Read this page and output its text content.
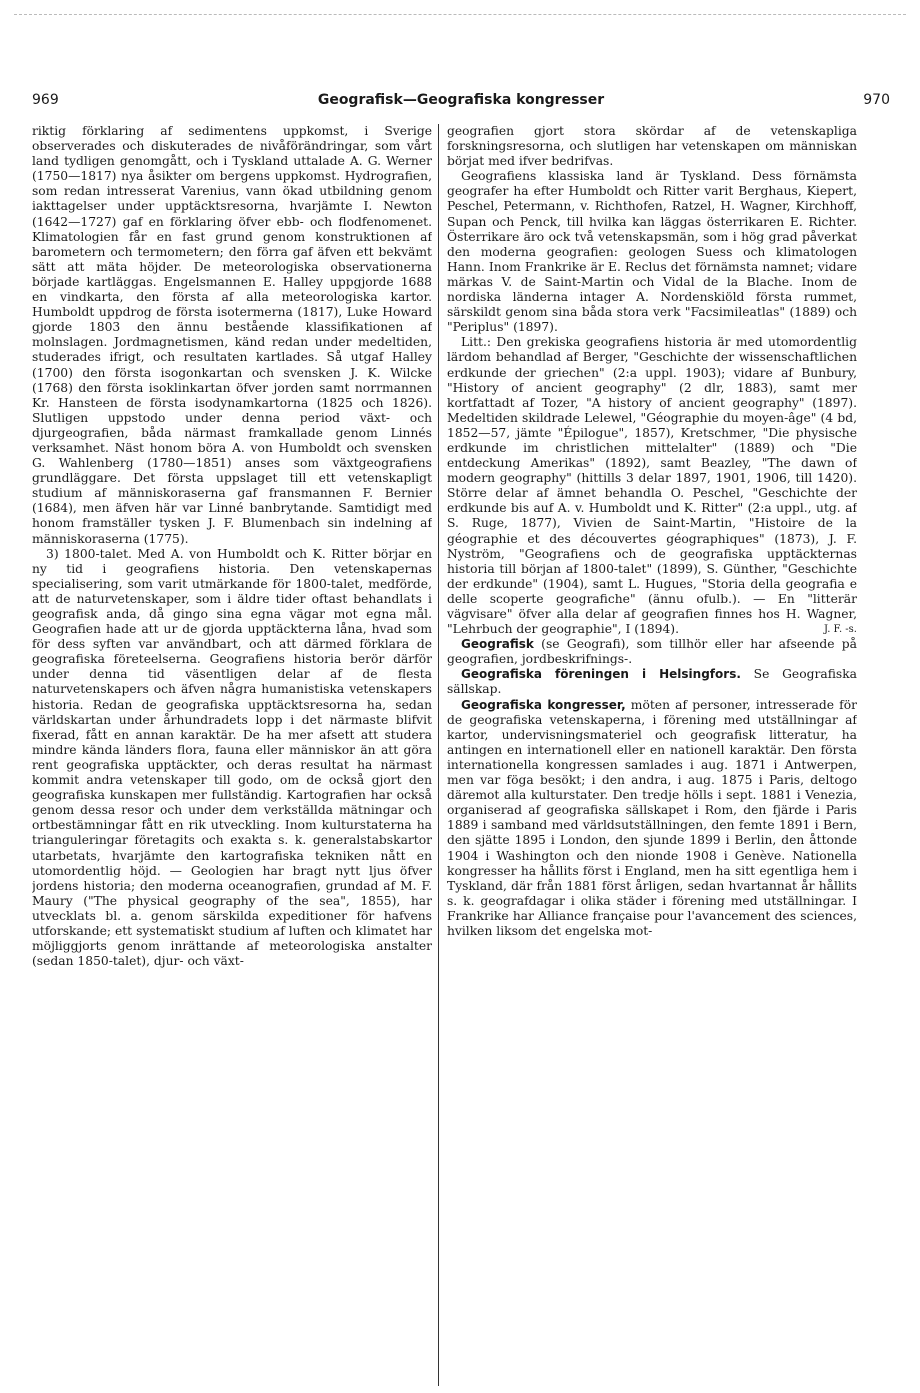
969	Geografisk—Geografiska kongresser	970

riktig förklaring af sedimentens uppkomst, i Sverige observerades och diskuterades de nivåförändringar, som vårt land tydligen genomgått, och i Tyskland uttalade A. G. Werner (1750—1817) nya åsikter om bergens uppkomst. Hydrografien, som redan intresserat Varenius, vann ökad utbildning genom iakttagelser under upptäcktsresorna, hvarjämte I. Newton (1642—1727) gaf en förklaring öfver ebb- och flodfenomenet. Klimatologien får en fast grund genom konstruktionen af barometern och termometern; den förra gaf äfven ett bekvämt sätt att mäta höjder. De meteorologiska observationerna började kartläggas. Engelsmannen E. Halley uppgjorde 1688 en vindkarta, den första af alla meteorologiska kartor. Humboldt uppdrog de första isotermerna (1817), Luke Howard gjorde 1803 den ännu bestående klassifikationen af molnslagen. Jordmagnetismen, känd redan under medeltiden, studerades ifrigt, och resultaten kartlades. Så utgaf Halley (1700) den första isogonkartan och svensken J. K. Wilcke (1768) den första isoklinkartan öfver jorden samt norrmannen Kr. Hansteen de första isodynamkartorna (1825 och 1826). Slutligen uppstodo under denna period växt- och djurgeografien, båda närmast framkallade genom Linnés verksamhet. Näst honom böra A. von Humboldt och svensken G. Wahlenberg (1780—1851) anses som växtgeografiens grundläggare. Det första uppslaget till ett vetenskapligt studium af människoraserna gaf fransmannen F. Bernier (1684), men äfven här var Linné banbrytande. Samtidigt med honom framställer tysken J. F. Blumenbach sin indelning af människoraserna (1775).

3) 1800-talet. Med A. von Humboldt och K. Ritter börjar en ny tid i geografiens historia. Den vetenskapernas specialisering, som varit utmärkande för 1800-talet, medförde, att de naturvetenskaper, som i äldre tider oftast behandlats i geografisk anda, då gingo sina egna vägar mot egna mål. Geografien hade att ur de gjorda upptäckterna låna, hvad som för dess syften var användbart, och att därmed förklara de geografiska företeelserna. Geografiens historia berör därför under denna tid väsentligen delar af de flesta naturvetenskapers och äfven några humanistiska vetenskapers historia. Redan de geografiska upptäcktsresorna ha, sedan världskartan under århundradets lopp i det närmaste blifvit fixerad, fått en annan karaktär. De ha mer afsett att studera mindre kända länders flora, fauna eller människor än att göra rent geografiska upptäckter, och deras resultat ha närmast kommit andra vetenskaper till godo, om de också gjort den geografiska kunskapen mer fullständig. Kartografien har också genom dessa resor och under dem verkställda mätningar och ortbestämningar fått en rik utveckling. Inom kulturstaterna ha trianguleringar företagits och exakta s. k. generalstabskartor utarbetats, hvarjämte den kartografiska tekniken nått en utomordentlig höjd. — Geologien har bragt nytt ljus öfver jordens historia; den moderna oceanografien, grundad af M. F. Maury ("The physical geography of the sea", 1855), har utvecklats bl. a. genom särskilda expeditioner för hafvens utforskande; ett systematiskt studium af luften och klimatet har möjliggjorts genom inrättande af meteorologiska anstalter (sedan 1850-talet), djur- och växt-

geografien gjort stora skördar af de vetenskapliga forskningsresorna, och slutligen har vetenskapen om människan börjat med ifver bedrifvas.

Geografiens klassiska land är Tyskland. Dess förnämsta geografer ha efter Humboldt och Ritter varit Berghaus, Kiepert, Peschel, Petermann, v. Richthofen, Ratzel, H. Wagner, Kirchhoff, Supan och Penck, till hvilka kan läggas österrikaren E. Richter. Österrikare äro ock två vetenskapsmän, som i hög grad påverkat den moderna geografien: geologen Suess och klimatologen Hann. Inom Frankrike är E. Reclus det förnämsta namnet; vidare märkas V. de Saint-Martin och Vidal de la Blache. Inom de nordiska länderna intager A. Nordenskiöld första rummet, särskildt genom sina båda stora verk "Facsimileatlas" (1889) och "Periplus" (1897).

Litt.: Den grekiska geografiens historia är med utomordentlig lärdom behandlad af Berger, "Geschichte der wissenschaftlichen erdkunde der griechen" (2:a uppl. 1903); vidare af Bunbury, "History of ancient geography" (2 dlr, 1883), samt mer kortfattadt af Tozer, "A history of ancient geography" (1897). Medeltiden skildrade Lelewel, "Géographie du moyen-âge" (4 bd, 1852—57, jämte "Épilogue", 1857), Kretschmer, "Die physische erdkunde im christlichen mittelalter" (1889) och "Die entdeckung Amerikas" (1892), samt Beazley, "The dawn of modern geography" (hittills 3 delar 1897, 1901, 1906, till 1420). Större delar af ämnet behandla O. Peschel, "Geschichte der erdkunde bis auf A. v. Humboldt und K. Ritter" (2:a uppl., utg. af S. Ruge, 1877), Vivien de Saint-Martin, "Histoire de la géographie et des découvertes géographiques" (1873), J. F. Nyström, "Geografiens och de geografiska upptäckternas historia till början af 1800-talet" (1899), S. Günther, "Geschichte der erdkunde" (1904), samt L. Hugues, "Storia della geografia e delle scoperte geografiche" (ännu ofulb.). — En "litterär vägvisare" öfver alla delar af geografien finnes hos H. Wagner, "Lehrbuch der geographie", I (1894).	J. F. -s.

Geografisk (se Geografi), som tillhör eller har afseende på geografien, jordbeskrifnings-.

Geografiska föreningen i Helsingfors. Se Geografiska sällskap.

Geografiska kongresser, möten af personer, intresserade för de geografiska vetenskaperna, i förening med utställningar af kartor, undervisningsmateriel och geografisk litteratur, ha antingen en internationell eller en nationell karaktär. Den första internationella kongressen samlades i aug. 1871 i Antwerpen, men var föga besökt; i den andra, i aug. 1875 i Paris, deltogo däremot alla kulturstater. Den tredje hölls i sept. 1881 i Venezia, organiserad af geografiska sällskapet i Rom, den fjärde i Paris 1889 i samband med världsutställningen, den femte 1891 i Bern, den sjätte 1895 i London, den sjunde 1899 i Berlin, den åttonde 1904 i Washington och den nionde 1908 i Genève. Nationella kongresser ha hållits först i England, men ha sitt egentliga hem i Tyskland, där från 1881 först årligen, sedan hvartannat år hållits s. k. geografdagar i olika städer i förening med utställningar. I Frankrike har Alliance française pour l'avancement des sciences, hvilken liksom det engelska mot-
